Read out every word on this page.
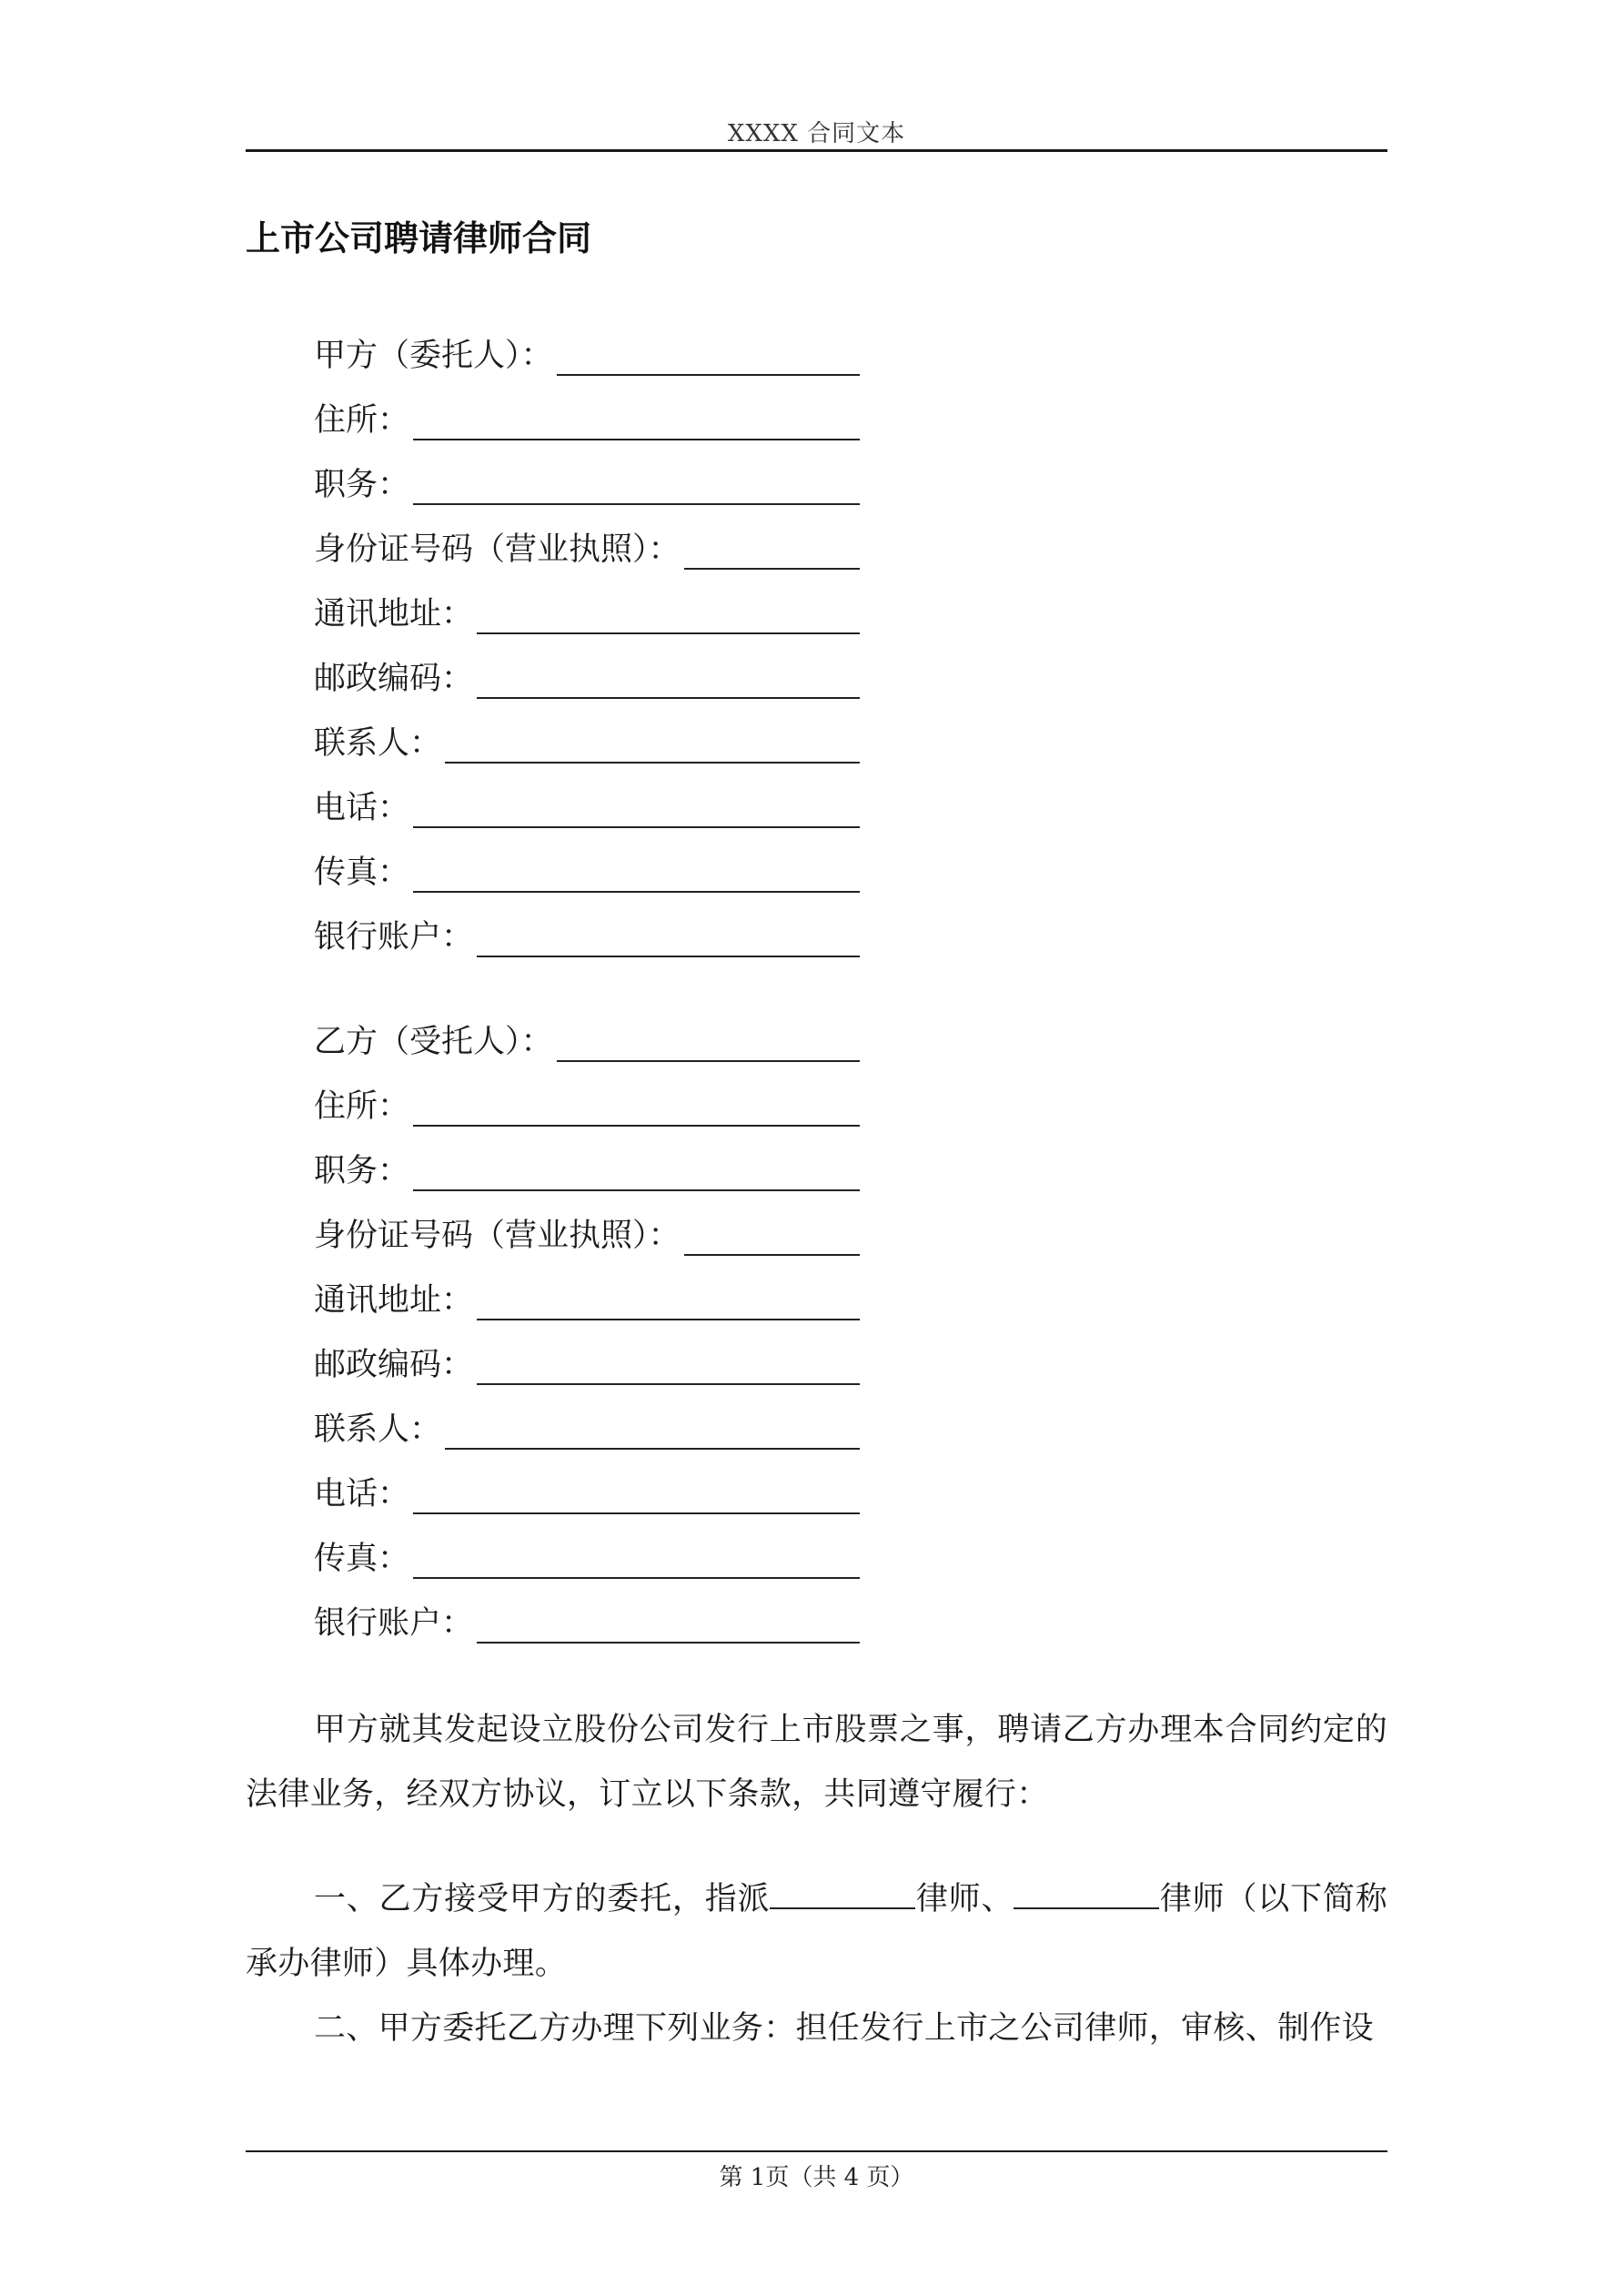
XXXX 合同文本
上市公司聘请律师合同
甲方（委托人）：
住所：
职务：
身份证号码（营业执照）：
通讯地址：
邮政编码：
联系人：
电话：
传真：
银行账户：
乙方（受托人）：
住所：
职务：
身份证号码（营业执照）：
通讯地址：
邮政编码：
联系人：
电话：
传真：
银行账户：

甲方就其发起设立股份公司发行上市股票之事，聘请乙方办理本合同约定的法律业务，经双方协议，订立以下条款，共同遵守履行：

一、乙方接受甲方的委托，指派	律师、	律师（以下简称承办律师）具体办理。

二、甲方委托乙方办理下列业务：担任发行上市之公司律师，审核、制作设

第 1页（共 4 页）
